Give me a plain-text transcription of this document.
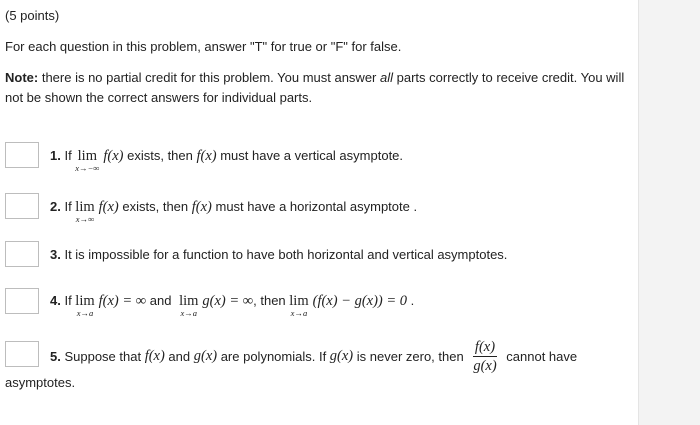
(5 points)
For each question in this problem, answer "T" for true or "F" for false.
Note: there is no partial credit for this problem. You must answer all parts correctly to receive credit. You will not be shown the correct answers for individual parts.
1. If lim
x→−∞
f(x) exists, then f(x) must have a vertical asymptote.
2. If lim
x→∞
f(x) exists, then f(x) must have a horizontal asymptote .
3. It is impossible for a function to have both horizontal and vertical asymptotes.
4. If lim
x→a
f(x) = ∞ and lim
x→a
g(x) = ∞, then lim
x→a
(f(x) − g(x)) = 0 .
5. Suppose that f(x) and g(x) are polynomials. If g(x) is never zero, then $\frac{f(x)}{g(x)}$ cannot have
asymptotes.
